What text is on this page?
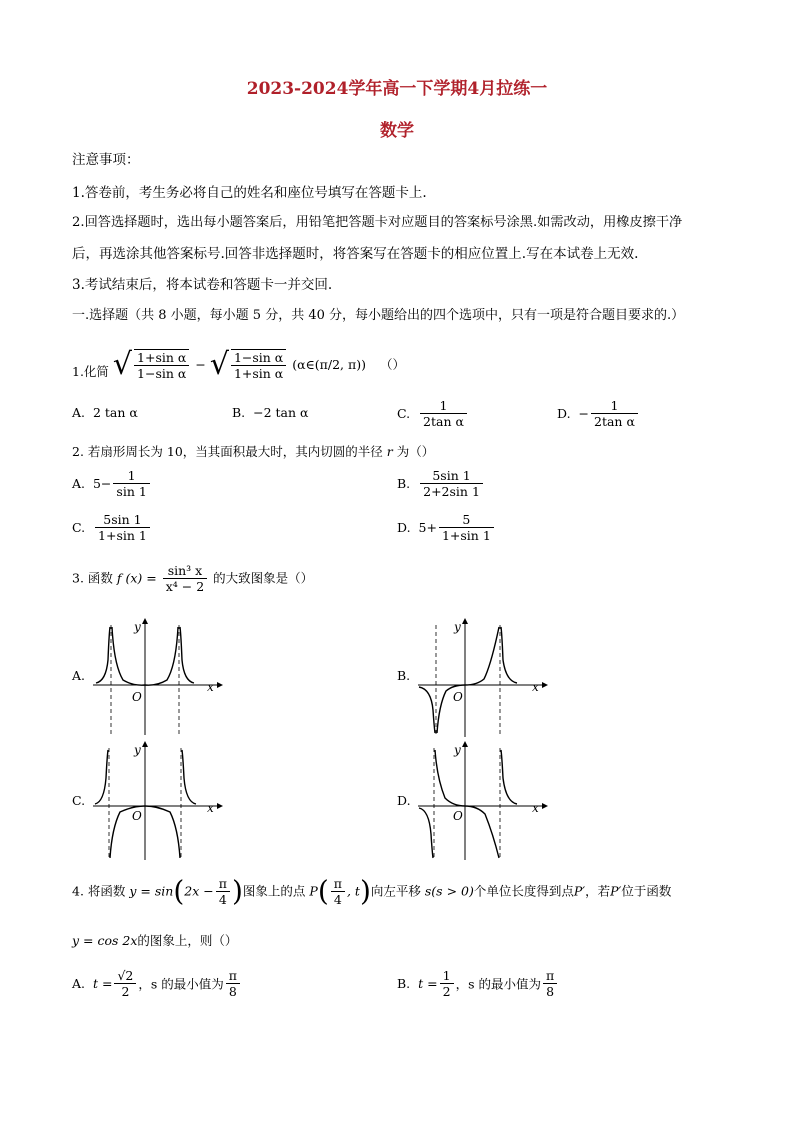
2023-2024学年高一下学期4月拉练一
数学
注意事项：
1.答卷前，考生务必将自己的姓名和座位号填写在答题卡上.
2.回答选择题时，选出每小题答案后，用铅笔把答题卡对应题目的答案标号涂黑.如需改动，用橡皮擦干净
后，再选涂其他答案标号.回答非选择题时，将答案写在答题卡的相应位置上.写在本试卷上无效.
3.考试结束后，将本试卷和答题卡一并交回.
一.选择题（共 8 小题，每小题 5 分，共 40 分，每小题给出的四个选项中，只有一项是符合题目要求的.）
1.化简 √ $\frac{\text{1+sin α}}{\text{1−sin α}}$ − √ $\frac{\text{1−sin α}}{\text{1+sin α}}$ (α∈(π/2, π)) （）
A. 2 tan α	B. −2 tan α	C. $\frac{1}{\text{2tan α}}$	D. − $\frac{1}{\text{2tan α}}$
2. 若扇形周长为 10，当其面积最大时，其内切圆的半径 r 为（）
A. $5- \frac{1}{\sin 1}$	B. $\frac{5\sin 1}{2+2\sin 1}$
C. $\frac{5\sin 1}{1+\sin 1}$	D. $5+ \frac{5}{1+\sin 1}$
3. 函数 f $(x) = \frac{\text{sin³ x}}{\text{x⁴ − 2}}$ 的大致图象是（）
A.
y
x
O
B.
y
x
O
C.
y
x
O
D.
y
x
O
4. 将函数 $y = \sin(2x - \frac{\pi}{4}$ )图象上的点 $P( \frac{\pi}{4}$ , t)向左平移 s(s > 0)个单位长度得到点P′，若P′位于函数
y = cos 2x的图象上，则（）
A. $t = \frac{√2}{2}$ ，s 的最小值为 $\frac{\pi}{8}$	B. $t = \frac{1}{2}$ ，s 的最小值为 $\frac{\pi}{8}$
